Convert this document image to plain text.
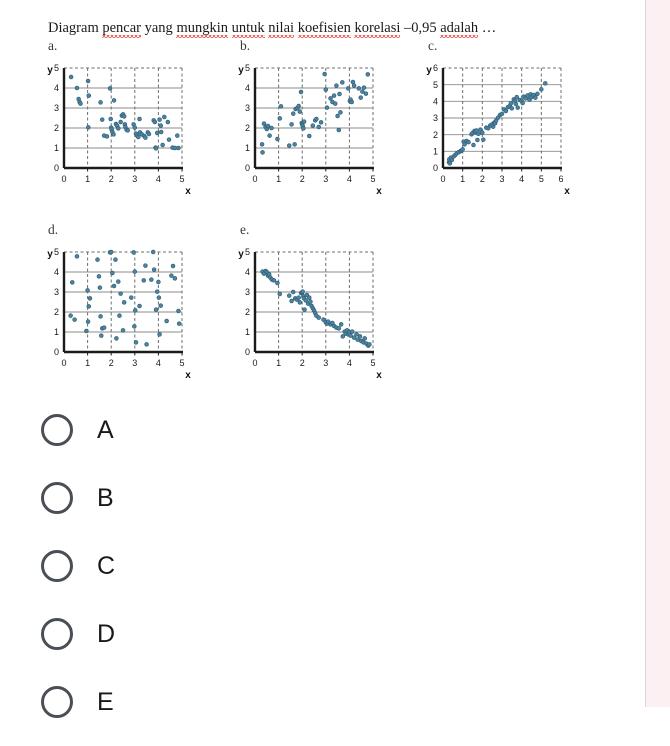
Diagram pencar yang mungkin untuk nilai koefisien korelasi –0,95 adalah …
a.	b.	c.
d.	e.
0 1 2 3 4 5
0
1
2
3
4
5
y
x
0 1 2 3 4 5
0
1
2
3
4
5
y
x
0 1 2 3 4 5 6
0
1
2
3
4
5
6
y
x
0 1 2 3 4 5
0
1
2
3
4
5
y
x
0 1 2 3 4 5
0
1
2
3
4
5
y
x
A
B
C
D
E
